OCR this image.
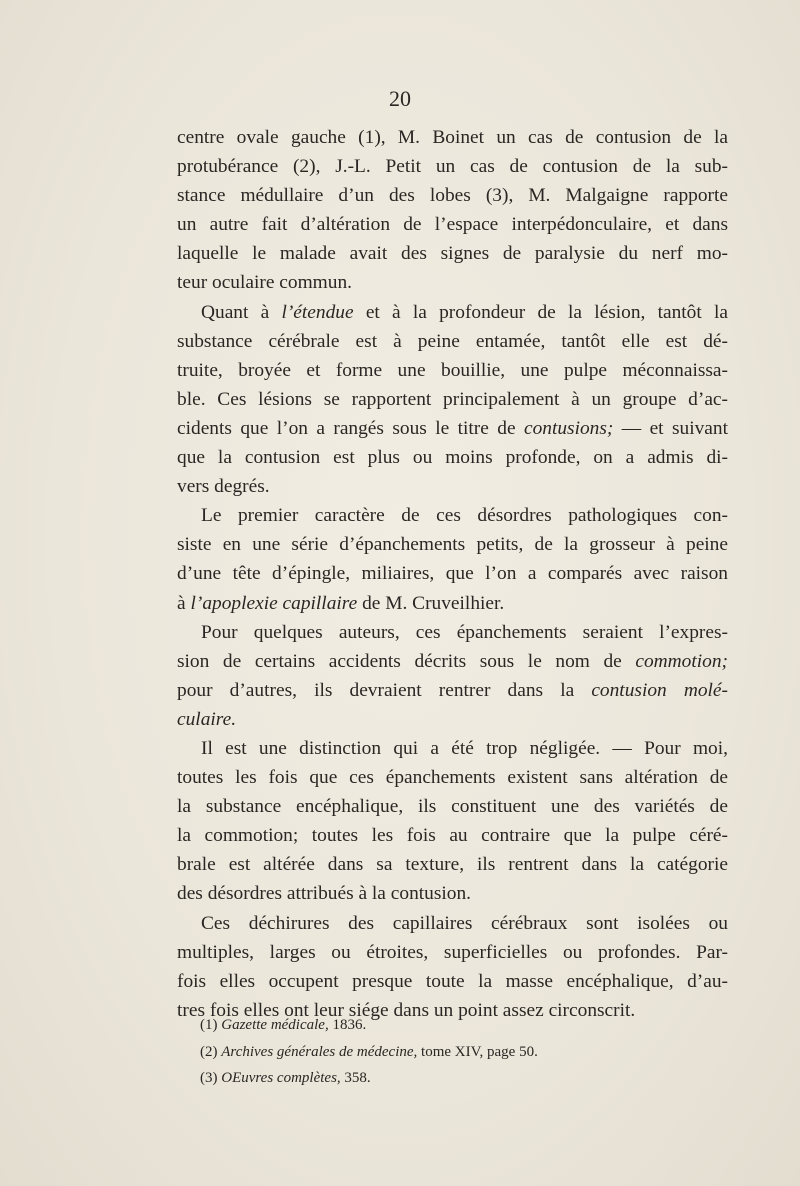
20
centre ovale gauche (1), M. Boinet un cas de contusion de la
protubérance (2), J.-L. Petit un cas de contusion de la sub-
stance médullaire d’un des lobes (3), M. Malgaigne rapporte
un autre fait d’altération de l’espace interpédonculaire, et dans
laquelle le malade avait des signes de paralysie du nerf mo-
teur oculaire commun.
Quant à l’étendue et à la profondeur de la lésion, tantôt la
substance cérébrale est à peine entamée, tantôt elle est dé-
truite, broyée et forme une bouillie, une pulpe méconnaissa-
ble. Ces lésions se rapportent principalement à un groupe d’ac-
cidents que l’on a rangés sous le titre de contusions; — et suivant
que la contusion est plus ou moins profonde, on a admis di-
vers degrés.
Le premier caractère de ces désordres pathologiques con-
siste en une série d’épanchements petits, de la grosseur à peine
d’une tête d’épingle, miliaires, que l’on a comparés avec raison
à l’apoplexie capillaire de M. Cruveilhier.
Pour quelques auteurs, ces épanchements seraient l’expres-
sion de certains accidents décrits sous le nom de commotion;
pour d’autres, ils devraient rentrer dans la contusion molé-
culaire.
Il est une distinction qui a été trop négligée. — Pour moi,
toutes les fois que ces épanchements existent sans altération de
la substance encéphalique, ils constituent une des variétés de
la commotion; toutes les fois au contraire que la pulpe céré-
brale est altérée dans sa texture, ils rentrent dans la catégorie
des désordres attribués à la contusion.
Ces déchirures des capillaires cérébraux sont isolées ou
multiples, larges ou étroites, superficielles ou profondes. Par-
fois elles occupent presque toute la masse encéphalique, d’au-
tres fois elles ont leur siége dans un point assez circonscrit.
(1) Gazette médicale, 1836.
(2) Archives générales de médecine, tome XIV, page 50.
(3) OEuvres complètes, 358.
